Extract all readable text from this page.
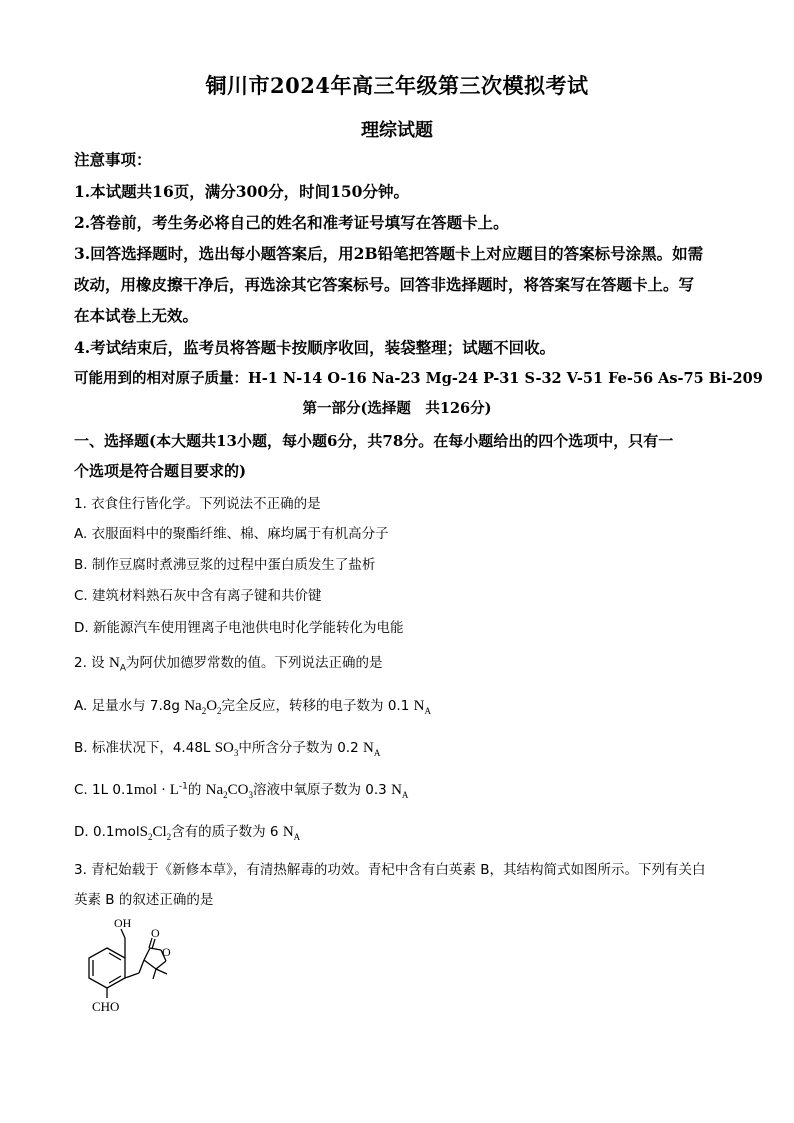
铜川市2024年高三年级第三次模拟考试
理综试题
注意事项：
1.本试题共16页，满分300分，时间150分钟。
2.答卷前，考生务必将自己的姓名和准考证号填写在答题卡上。
3.回答选择题时，选出每小题答案后，用2B铅笔把答题卡上对应题目的答案标号涂黑。如需
改动，用橡皮擦干净后，再选涂其它答案标号。回答非选择题时，将答案写在答题卡上。写
在本试卷上无效。
4.考试结束后，监考员将答题卡按顺序收回，装袋整理；试题不回收。
可能用到的相对原子质量：H-1 N-14 O-16 Na-23 Mg-24 P-31 S-32 V-51 Fe-56 As-75 Bi-209
第一部分(选择题　共126分)
一、选择题(本大题共13小题，每小题6分，共78分。在每小题给出的四个选项中，只有一
个选项是符合题目要求的)
1. 衣食住行皆化学。下列说法不正确的是
A. 衣服面料中的聚酯纤维、棉、麻均属于有机高分子
B. 制作豆腐时煮沸豆浆的过程中蛋白质发生了盐析
C. 建筑材料熟石灰中含有离子键和共价键
D. 新能源汽车使用锂离子电池供电时化学能转化为电能
2. 设 $N_A$为阿伏加德罗常数的值。下列说法正确的是
A. 足量水与 7.8g $Na_2O_2$完全反应，转移的电子数为 0.1 $N_A$
B. 标准状况下，4.48L $SO_3$中所含分子数为 0.2 $N_A$
C. 1L $0.1mol \cdot L^{-1}$的 $Na_2CO_3$溶液中氧原子数为 0.3 $N_A$
D. $0.1molS_2Cl_2$含有的质子数为 6 $N_A$
3. 青杞始载于《新修本草》，有清热解毒的功效。青杞中含有白英素 B，其结构简式如图所示。下列有关白
英素 B 的叙述正确的是
OH
O
O
CHO
